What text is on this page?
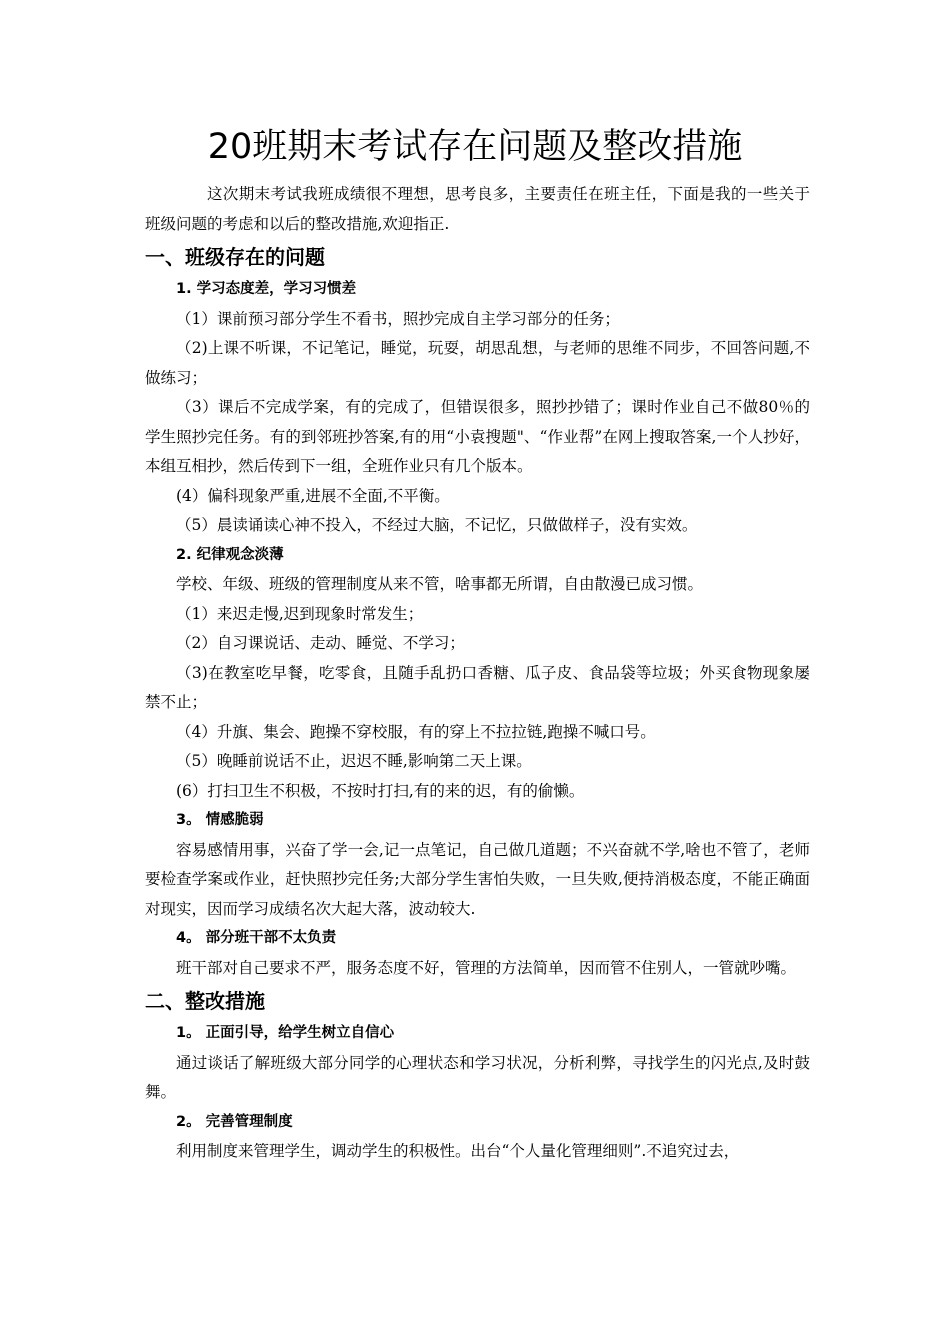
20班期末考试存在问题及整改措施

这次期末考试我班成绩很不理想，思考良多，主要责任在班主任，下面是我的一些关于班级问题的考虑和以后的整改措施,欢迎指正.

一、班级存在的问题
1. 学习态度差，学习习惯差

（1）课前预习部分学生不看书，照抄完成自主学习部分的任务；

（2)上课不听课，不记笔记，睡觉，玩耍，胡思乱想，与老师的思维不同步，不回答问题,不做练习；

（3）课后不完成学案，有的完成了，但错误很多，照抄抄错了；课时作业自己不做80％的学生照抄完任务。有的到邻班抄答案,有的用“小袁搜题"、“作业帮”在网上搜取答案,一个人抄好，本组互相抄，然后传到下一组，全班作业只有几个版本。

(4）偏科现象严重,进展不全面,不平衡。

（5）晨读诵读心神不投入，不经过大脑，不记忆，只做做样子，没有实效。

2. 纪律观念淡薄

学校、年级、班级的管理制度从来不管，啥事都无所谓，自由散漫已成习惯。

（1）来迟走慢,迟到现象时常发生；

（2）自习课说话、走动、睡觉、不学习；

（3)在教室吃早餐，吃零食，且随手乱扔口香糖、瓜子皮、食品袋等垃圾；外买食物现象屡禁不止；

（4）升旗、集会、跑操不穿校服，有的穿上不拉拉链,跑操不喊口号。

（5）晚睡前说话不止，迟迟不睡,影响第二天上课。

(6）打扫卫生不积极，不按时打扫,有的来的迟，有的偷懒。

3。 情感脆弱

容易感情用事，兴奋了学一会,记一点笔记，自己做几道题；不兴奋就不学,啥也不管了，老师要检查学案或作业，赶快照抄完任务;大部分学生害怕失败，一旦失败,便持消极态度，不能正确面对现实，因而学习成绩名次大起大落，波动较大.

4。 部分班干部不太负责

班干部对自己要求不严，服务态度不好，管理的方法简单，因而管不住别人，一管就吵嘴。

二、整改措施
1。 正面引导，给学生树立自信心

通过谈话了解班级大部分同学的心理状态和学习状况，分析利弊，寻找学生的闪光点,及时鼓舞。

2。 完善管理制度

利用制度来管理学生，调动学生的积极性。出台“个人量化管理细则”.不追究过去，
